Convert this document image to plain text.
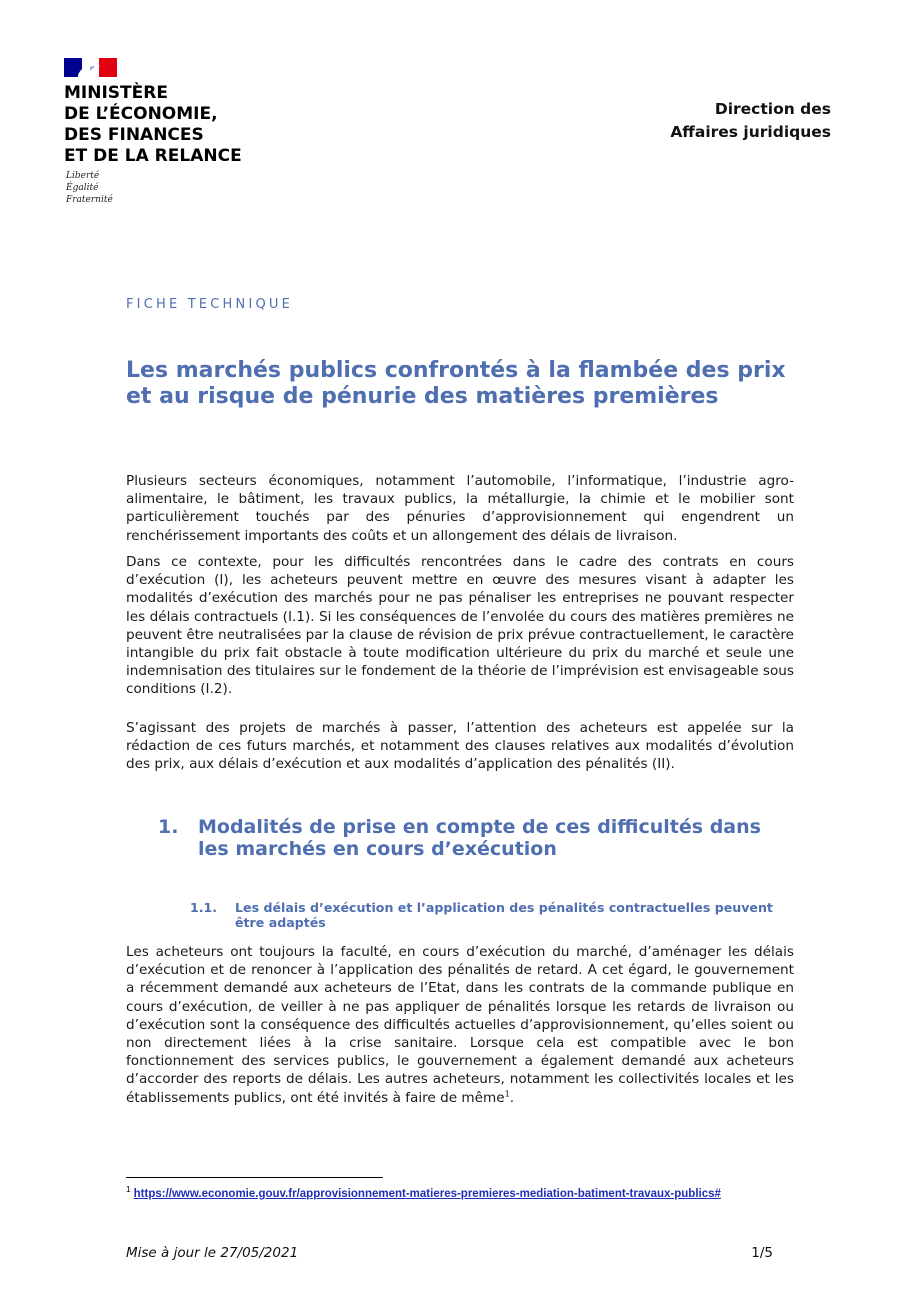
MINISTÈRE
DE L’ÉCONOMIE,
DES FINANCES
ET DE LA RELANCE
Liberté
Égalité
Fraternité
Direction des
Affaires juridiques
FICHE TECHNIQUE
Les marchés publics confrontés à la flambée des prix et au risque de pénurie des matières premières

Plusieurs secteurs économiques, notamment l’automobile, l’informatique, l’industrie agro-alimentaire, le bâtiment, les travaux publics, la métallurgie, la chimie et le mobilier sont particulièrement touchés par des pénuries d’approvisionnement qui engendrent un renchérissement importants des coûts et un allongement des délais de livraison.

Dans ce contexte, pour les difficultés rencontrées dans le cadre des contrats en cours d’exécution (I), les acheteurs peuvent mettre en œuvre des mesures visant à adapter les modalités d’exécution des marchés pour ne pas pénaliser les entreprises ne pouvant respecter les délais contractuels (I.1). Si les conséquences de l’envolée du cours des matières premières ne peuvent être neutralisées par la clause de révision de prix prévue contractuellement, le caractère intangible du prix fait obstacle à toute modification ultérieure du prix du marché et seule une indemnisation des titulaires sur le fondement de la théorie de l’imprévision est envisageable sous conditions (I.2).

S’agissant des projets de marchés à passer, l’attention des acheteurs est appelée sur la rédaction de ces futurs marchés, et notamment des clauses relatives aux modalités d’évolution des prix, aux délais d’exécution et aux modalités d’application des pénalités (II).

1. Modalités de prise en compte de ces difficultés dans les marchés en cours d’exécution
1.1. Les délais d’exécution et l’application des pénalités contractuelles peuvent être adaptés

Les acheteurs ont toujours la faculté, en cours d’exécution du marché, d’aménager les délais d’exécution et de renoncer à l’application des pénalités de retard. A cet égard, le gouvernement a récemment demandé aux acheteurs de l’Etat, dans les contrats de la commande publique en cours d’exécution, de veiller à ne pas appliquer de pénalités lorsque les retards de livraison ou d’exécution sont la conséquence des difficultés actuelles d’approvisionnement, qu’elles soient ou non directement liées à la crise sanitaire. Lorsque cela est compatible avec le bon fonctionnement des services publics, le gouvernement a également demandé aux acheteurs d’accorder des reports de délais. Les autres acheteurs, notamment les collectivités locales et les établissements publics, ont été invités à faire de même$^1$.

$^1$ https://www.economie.gouv.fr/approvisionnement-matieres-premieres-mediation-batiment-travaux-publics#
Mise à jour le 27/05/2021	1/5
